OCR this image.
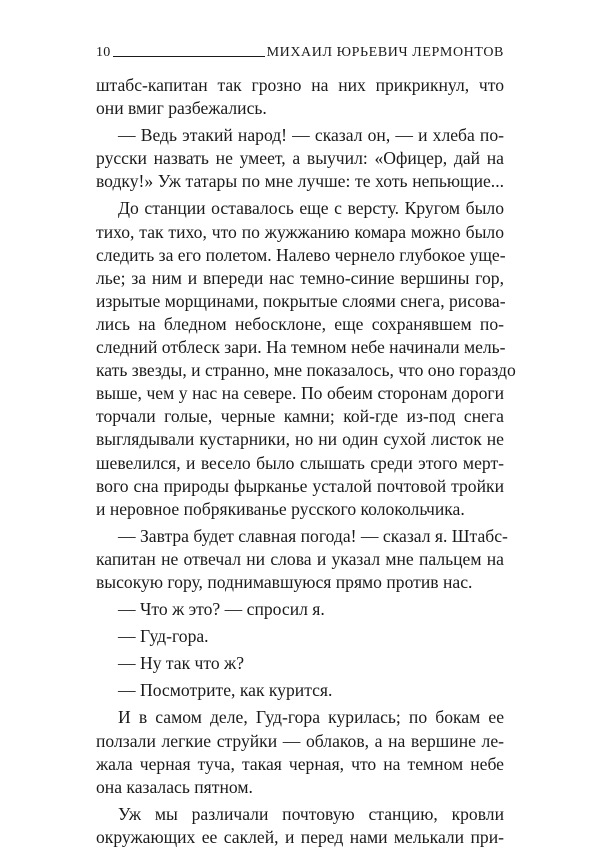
10	МИХАИЛ ЮРЬЕВИЧ ЛЕРМОНТОВ

штабс-капитан так грозно на них прикрикнул, что
они вмиг разбежались.

— Ведь этакий народ! — сказал он, — и хлеба по-
русски назвать не умеет, а выучил: «Офицер, дай на
водку!» Уж татары по мне лучше: те хоть непьющие...

До станции оставалось еще с версту. Кругом было
тихо, так тихо, что по жужжанию комара можно было
следить за его полетом. Налево чернело глубокое уще-
лье; за ним и впереди нас темно-синие вершины гор,
изрытые морщинами, покрытые слоями снега, рисова-
лись на бледном небосклоне, еще сохранявшем по-
следний отблеск зари. На темном небе начинали мель-
кать звезды, и странно, мне показалось, что оно гораздо
выше, чем у нас на севере. По обеим сторонам дороги
торчали голые, черные камни; кой-где из-под снега
выглядывали кустарники, но ни один сухой листок не
шевелился, и весело было слышать среди этого мерт-
вого сна природы фырканье усталой почтовой тройки
и неровное побрякиванье русского колокольчика.

— Завтра будет славная погода! — сказал я. Штабс-
капитан не отвечал ни слова и указал мне пальцем на
высокую гору, поднимавшуюся прямо против нас.

— Что ж это? — спросил я.

— Гуд-гора.

— Ну так что ж?

— Посмотрите, как курится.

И в самом деле, Гуд-гора курилась; по бокам ее
ползали легкие струйки — облаков, а на вершине ле-
жала черная туча, такая черная, что на темном небе
она казалась пятном.

Уж мы различали почтовую станцию, кровли
окружающих ее саклей, и перед нами мелькали при-
